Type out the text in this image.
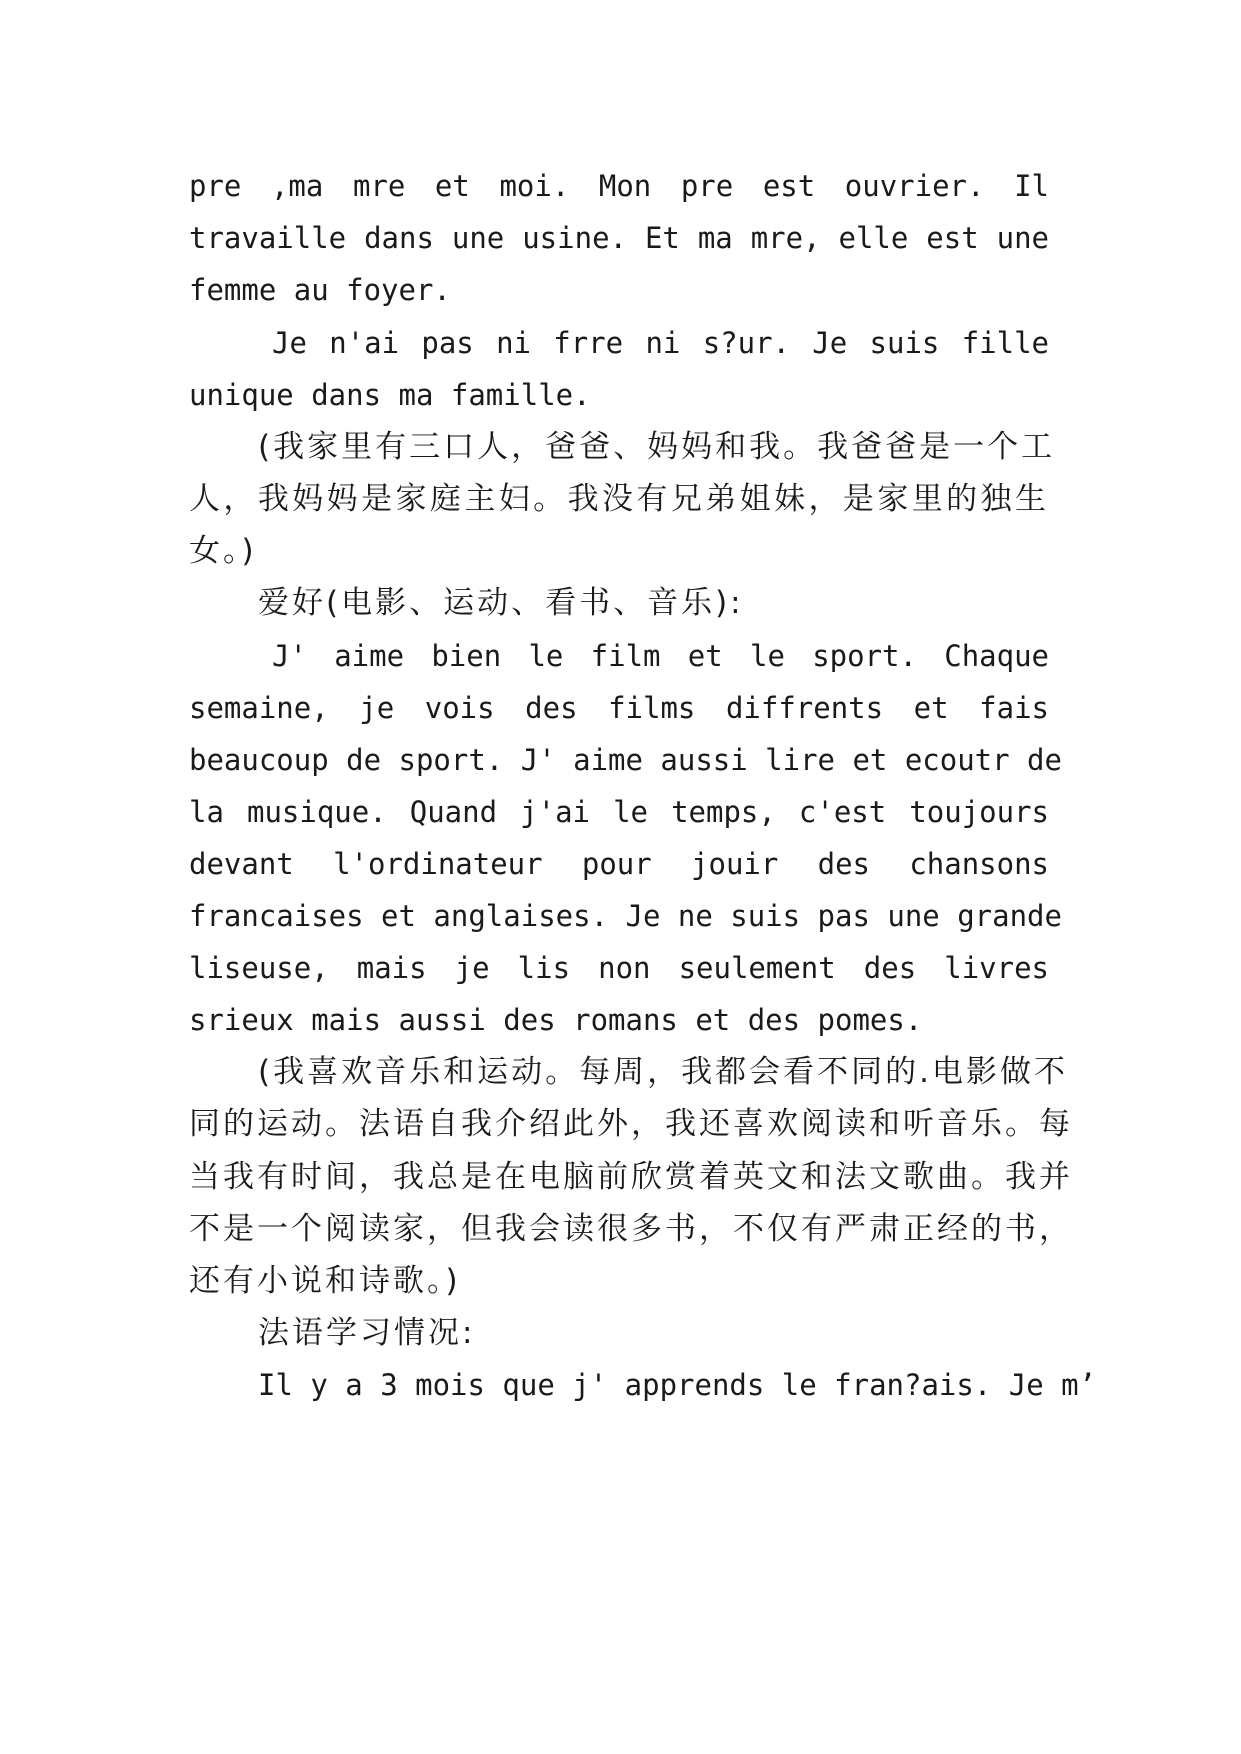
pre ,ma mre et moi. Mon pre est ouvrier. Il
travaille dans une usine. Et ma mre, elle est une
femme au foyer.
Je n'ai pas ni frre ni s?ur. Je suis fille
unique dans ma famille.
(我家里有三口人，爸爸、妈妈和我。我爸爸是一个工
人，我妈妈是家庭主妇。我没有兄弟姐妹，是家里的独生
女。)
爱好(电影、运动、看书、音乐):
J' aime bien le film et le sport. Chaque
semaine, je vois des films diffrents et fais
beaucoup de sport. J' aime aussi lire et ecoutr de
la musique. Quand j'ai le temps, c'est toujours
devant l'ordinateur pour jouir des chansons
francaises et anglaises. Je ne suis pas une grande
liseuse, mais je lis non seulement des livres
srieux mais aussi des romans et des pomes.
(我喜欢音乐和运动。每周，我都会看不同的.电影做不
同的运动。法语自我介绍此外，我还喜欢阅读和听音乐。每
当我有时间，我总是在电脑前欣赏着英文和法文歌曲。我并
不是一个阅读家，但我会读很多书，不仅有严肃正经的书，
还有小说和诗歌。)
法语学习情况:
Il y a 3 mois que j' apprends le fran?ais. Je m’
